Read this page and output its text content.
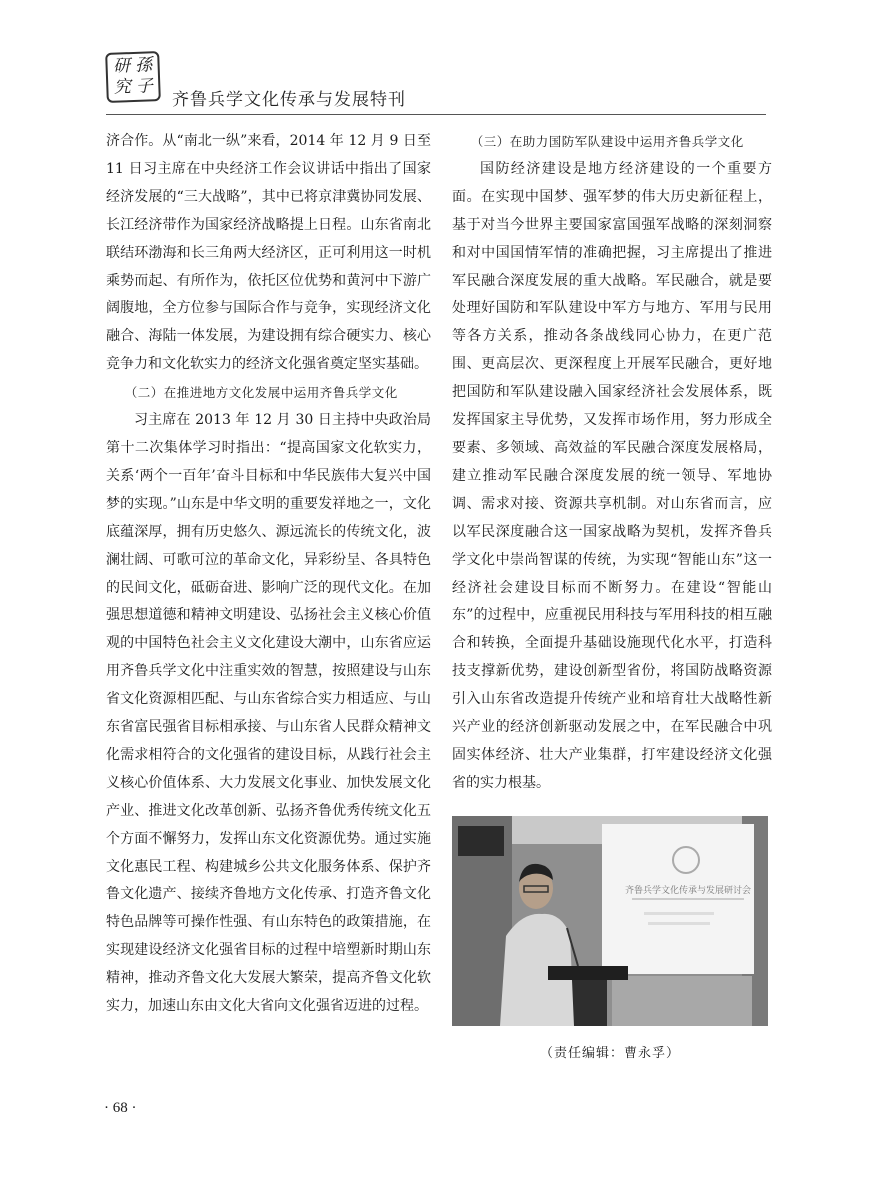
研 孫
究 子
齐鲁兵学文化传承与发展特刊

济合作。从“南北一纵”来看，2014 年 12 月 9 日至 11 日习主席在中央经济工作会议讲话中指出了国家经济发展的“三大战略”，其中已将京津冀协同发展、长江经济带作为国家经济战略提上日程。山东省南北联结环渤海和长三角两大经济区，正可利用这一时机乘势而起、有所作为，依托区位优势和黄河中下游广阔腹地，全方位参与国际合作与竞争，实现经济文化融合、海陆一体发展，为建设拥有综合硬实力、核心竞争力和文化软实力的经济文化强省奠定坚实基础。

（二）在推进地方文化发展中运用齐鲁兵学文化

习主席在 2013 年 12 月 30 日主持中央政治局第十二次集体学习时指出：“提高国家文化软实力，关系‘两个一百年’奋斗目标和中华民族伟大复兴中国梦的实现。”山东是中华文明的重要发祥地之一，文化底蕴深厚，拥有历史悠久、源远流长的传统文化，波澜壮阔、可歌可泣的革命文化，异彩纷呈、各具特色的民间文化，砥砺奋进、影响广泛的现代文化。在加强思想道德和精神文明建设、弘扬社会主义核心价值观的中国特色社会主义文化建设大潮中，山东省应运用齐鲁兵学文化中注重实效的智慧，按照建设与山东省文化资源相匹配、与山东省综合实力相适应、与山东省富民强省目标相承接、与山东省人民群众精神文化需求相符合的文化强省的建设目标，从践行社会主义核心价值体系、大力发展文化事业、加快发展文化产业、推进文化改革创新、弘扬齐鲁优秀传统文化五个方面不懈努力，发挥山东文化资源优势。通过实施文化惠民工程、构建城乡公共文化服务体系、保护齐鲁文化遗产、接续齐鲁地方文化传承、打造齐鲁文化特色品牌等可操作性强、有山东特色的政策措施，在实现建设经济文化强省目标的过程中培塑新时期山东精神，推动齐鲁文化大发展大繁荣，提高齐鲁文化软实力，加速山东由文化大省向文化强省迈进的过程。

（三）在助力国防军队建设中运用齐鲁兵学文化

国防经济建设是地方经济建设的一个重要方面。在实现中国梦、强军梦的伟大历史新征程上，基于对当今世界主要国家富国强军战略的深刻洞察和对中国国情军情的准确把握，习主席提出了推进军民融合深度发展的重大战略。军民融合，就是要处理好国防和军队建设中军方与地方、军用与民用等各方关系，推动各条战线同心协力，在更广范围、更高层次、更深程度上开展军民融合，更好地把国防和军队建设融入国家经济社会发展体系，既发挥国家主导优势，又发挥市场作用，努力形成全要素、多领域、高效益的军民融合深度发展格局，建立推动军民融合深度发展的统一领导、军地协调、需求对接、资源共享机制。对山东省而言，应以军民深度融合这一国家战略为契机，发挥齐鲁兵学文化中崇尚智谋的传统，为实现“智能山东”这一经济社会建设目标而不断努力。在建设“智能山东”的过程中，应重视民用科技与军用科技的相互融合和转换，全面提升基础设施现代化水平，打造科技支撑新优势，建设创新型省份，将国防战略资源引入山东省改造提升传统产业和培育壮大战略性新兴产业的经济创新驱动发展之中，在军民融合中巩固实体经济、壮大产业集群，打牢建设经济文化强省的实力根基。

齐鲁兵学文化传承与发展研讨会
（责任编辑：曹永孚）
· 68 ·
